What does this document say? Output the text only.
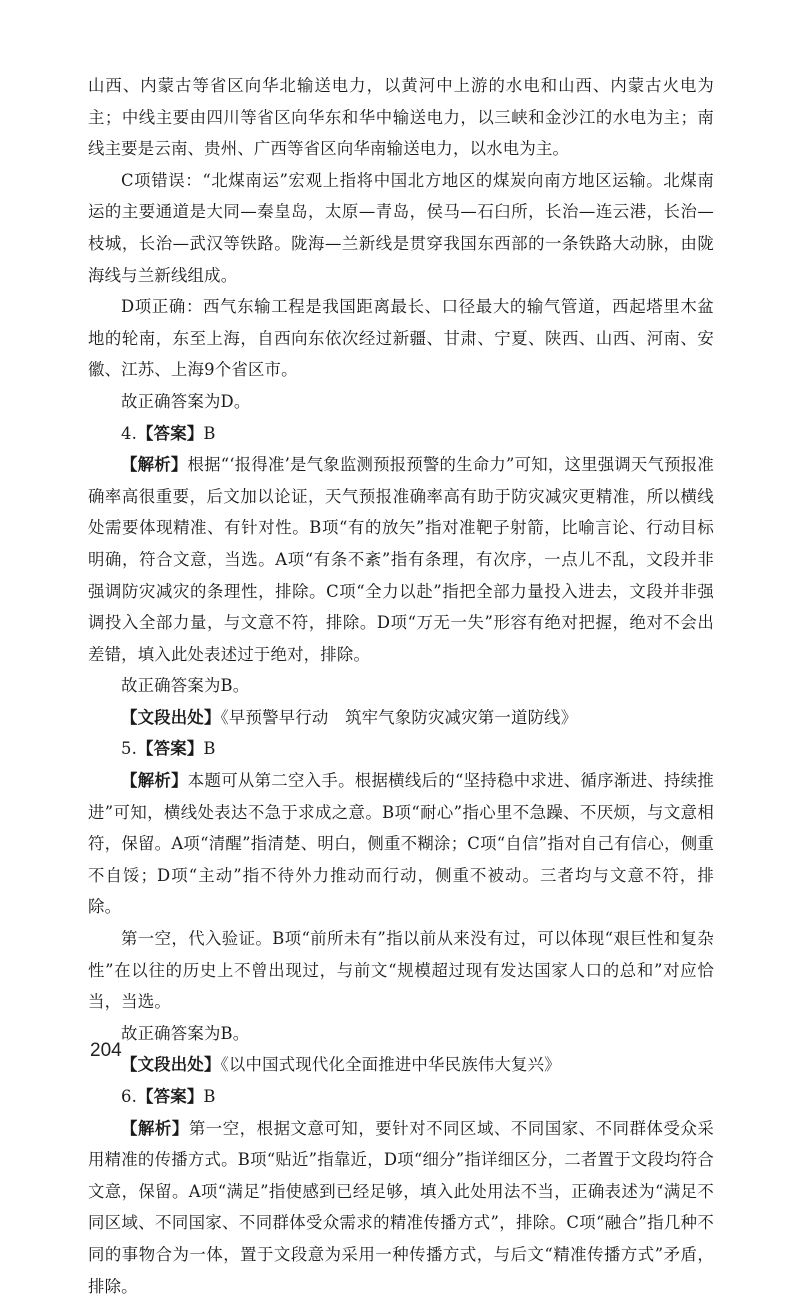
山西、内蒙古等省区向华北输送电力，以黄河中上游的水电和山西、内蒙古火电为主；中线主要由四川等省区向华东和华中输送电力，以三峡和金沙江的水电为主；南线主要是云南、贵州、广西等省区向华南输送电力，以水电为主。

C项错误：“北煤南运”宏观上指将中国北方地区的煤炭向南方地区运输。北煤南运的主要通道是大同—秦皇岛，太原—青岛，侯马—石臼所，长治—连云港，长治—枝城，长治—武汉等铁路。陇海—兰新线是贯穿我国东西部的一条铁路大动脉，由陇海线与兰新线组成。

D项正确：西气东输工程是我国距离最长、口径最大的输气管道，西起塔里木盆地的轮南，东至上海，自西向东依次经过新疆、甘肃、宁夏、陕西、山西、河南、安徽、江苏、上海9个省区市。

故正确答案为D。

4.【答案】B

【解析】根据“‘报得准’是气象监测预报预警的生命力”可知，这里强调天气预报准确率高很重要，后文加以论证，天气预报准确率高有助于防灾减灾更精准，所以横线处需要体现精准、有针对性。B项“有的放矢”指对准靶子射箭，比喻言论、行动目标明确，符合文意，当选。A项“有条不紊”指有条理，有次序，一点儿不乱，文段并非强调防灾减灾的条理性，排除。C项“全力以赴”指把全部力量投入进去，文段并非强调投入全部力量，与文意不符，排除。D项“万无一失”形容有绝对把握，绝对不会出差错，填入此处表述过于绝对，排除。

故正确答案为B。

【文段出处】《早预警早行动　筑牢气象防灾减灾第一道防线》

5.【答案】B

【解析】本题可从第二空入手。根据横线后的“坚持稳中求进、循序渐进、持续推进”可知，横线处表达不急于求成之意。B项“耐心”指心里不急躁、不厌烦，与文意相符，保留。A项“清醒”指清楚、明白，侧重不糊涂；C项“自信”指对自己有信心，侧重不自馁；D项“主动”指不待外力推动而行动，侧重不被动。三者均与文意不符，排除。

第一空，代入验证。B项“前所未有”指以前从来没有过，可以体现“艰巨性和复杂性”在以往的历史上不曾出现过，与前文“规模超过现有发达国家人口的总和”对应恰当，当选。

故正确答案为B。

【文段出处】《以中国式现代化全面推进中华民族伟大复兴》

6.【答案】B

【解析】第一空，根据文意可知，要针对不同区域、不同国家、不同群体受众采用精准的传播方式。B项“贴近”指靠近，D项“细分”指详细区分，二者置于文段均符合文意，保留。A项“满足”指使感到已经足够，填入此处用法不当，正确表述为“满足不同区域、不同国家、不同群体受众需求的精准传播方式”，排除。C项“融合”指几种不同的事物合为一体，置于文段意为采用一种传播方式，与后文“精准传播方式”矛盾，排除。

204
